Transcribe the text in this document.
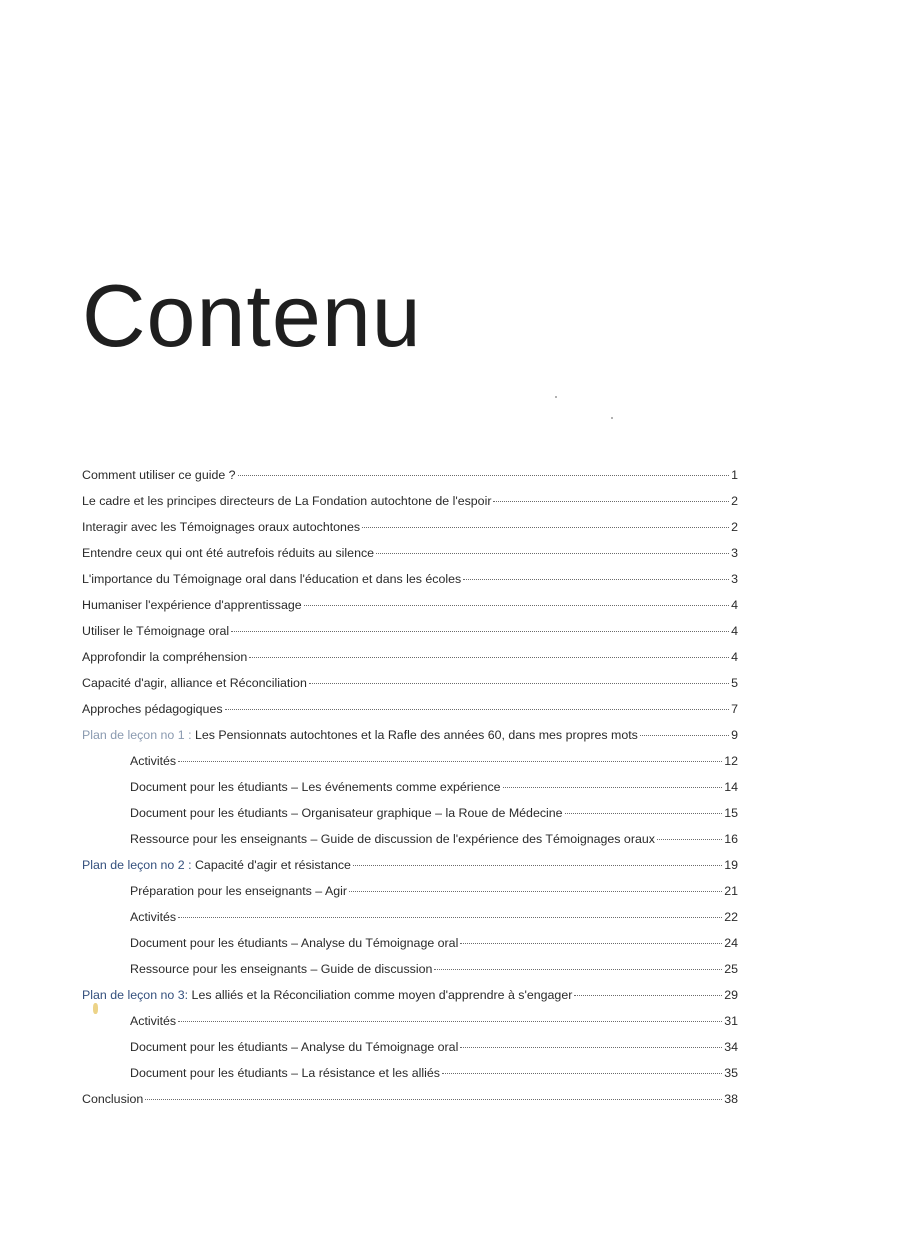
Contenu
Comment utiliser ce guide ?	1
Le cadre et les principes directeurs de La Fondation autochtone de l'espoir	2
Interagir avec les Témoignages oraux autochtones	2
Entendre ceux qui ont été autrefois réduits au silence	3
L'importance du Témoignage oral dans l'éducation et dans les écoles	3
Humaniser l'expérience d'apprentissage	4
Utiliser le Témoignage oral	4
Approfondir la compréhension	4
Capacité d'agir, alliance et Réconciliation	5
Approches pédagogiques	7
Plan de leçon no 1 : Les Pensionnats autochtones et la Rafle des années 60, dans mes propres mots	9
Activités	12
Document pour les étudiants – Les événements comme expérience	14
Document pour les étudiants – Organisateur graphique – la Roue de Médecine	15
Ressource pour les enseignants – Guide de discussion de l'expérience des Témoignages oraux	16
Plan de leçon no 2 : Capacité d'agir et résistance	19
Préparation pour les enseignants – Agir	21
Activités	22
Document pour les étudiants – Analyse du Témoignage oral	24
Ressource pour les enseignants – Guide de discussion	25
Plan de leçon no 3: Les alliés et la Réconciliation comme moyen d'apprendre à s'engager	29
Activités	31
Document pour les étudiants – Analyse du Témoignage oral	34
Document pour les étudiants – La résistance et les alliés	35
Conclusion	38
